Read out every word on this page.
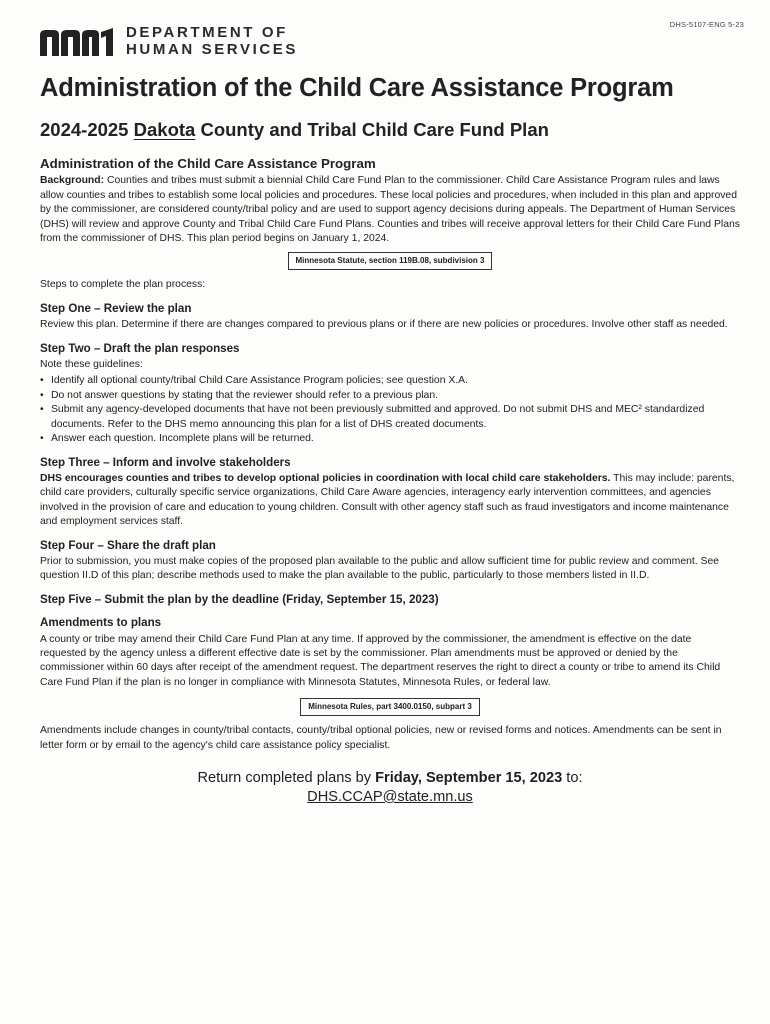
DHS-5107-ENG 5-23
DEPARTMENT OF
HUMAN SERVICES
Administration of the Child Care Assistance Program
2024-2025 Dakota County and Tribal Child Care Fund Plan
Administration of the Child Care Assistance Program

Background: Counties and tribes must submit a biennial Child Care Fund Plan to the commissioner. Child Care Assistance Program rules and laws allow counties and tribes to establish some local policies and procedures. These local policies and procedures, when included in this plan and approved by the commissioner, are considered county/tribal policy and are used to support agency decisions during appeals. The Department of Human Services (DHS) will review and approve County and Tribal Child Care Fund Plans. Counties and tribes will receive approval letters for their Child Care Fund Plans from the commissioner of DHS. This plan period begins on January 1, 2024.

Minnesota Statute, section 119B.08, subdivision 3

Steps to complete the plan process:

Step One – Review the plan

Review this plan. Determine if there are changes compared to previous plans or if there are new policies or procedures. Involve other staff as needed.

Step Two – Draft the plan responses

Note these guidelines:

• Identify all optional county/tribal Child Care Assistance Program policies; see question X.A.
• Do not answer questions by stating that the reviewer should refer to a previous plan.
• Submit any agency-developed documents that have not been previously submitted and approved. Do not submit DHS and MEC² standardized documents. Refer to the DHS memo announcing this plan for a list of DHS created documents.
• Answer each question. Incomplete plans will be returned.
Step Three – Inform and involve stakeholders

DHS encourages counties and tribes to develop optional policies in coordination with local child care stakeholders. This may include: parents, child care providers, culturally specific service organizations, Child Care Aware agencies, interagency early intervention committees, and agencies involved in the provision of care and education to young children. Consult with other agency staff such as fraud investigators and income maintenance and employment services staff.

Step Four – Share the draft plan

Prior to submission, you must make copies of the proposed plan available to the public and allow sufficient time for public review and comment. See question II.D of this plan; describe methods used to make the plan available to the public, particularly to those members listed in II.D.

Step Five – Submit the plan by the deadline (Friday, September 15, 2023)
Amendments to plans

A county or tribe may amend their Child Care Fund Plan at any time. If approved by the commissioner, the amendment is effective on the date requested by the agency unless a different effective date is set by the commissioner. Plan amendments must be approved or denied by the commissioner within 60 days after receipt of the amendment request. The department reserves the right to direct a county or tribe to amend its Child Care Fund Plan if the plan is no longer in compliance with Minnesota Statutes, Minnesota Rules, or federal law.

Minnesota Rules, part 3400.0150, subpart 3

Amendments include changes in county/tribal contacts, county/tribal optional policies, new or revised forms and notices. Amendments can be sent in letter form or by email to the agency's child care assistance policy specialist.

Return completed plans by Friday, September 15, 2023 to:
DHS.CCAP@state.mn.us
